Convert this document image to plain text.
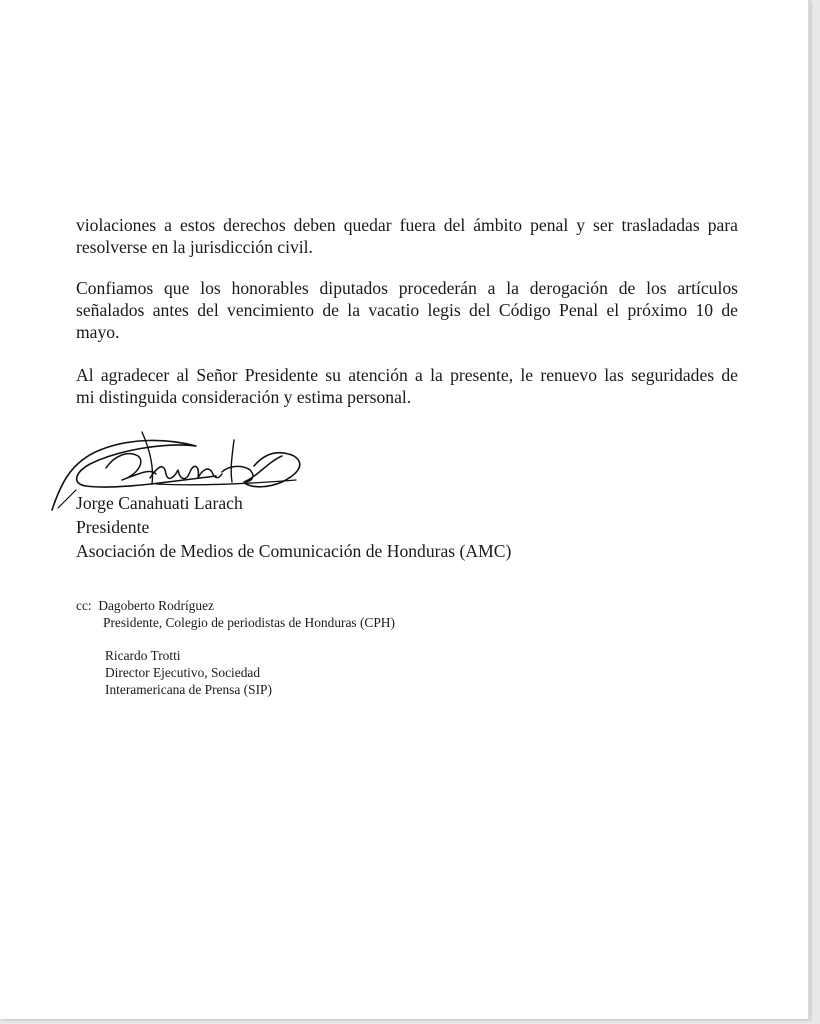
violaciones a estos derechos deben quedar fuera del ámbito penal y ser trasladadas para
resolverse en la jurisdicción civil.
Confiamos que los honorables diputados procederán a la derogación de los artículos
señalados antes del vencimiento de la vacatio legis del Código Penal el próximo 10 de
mayo.
Al agradecer al Señor Presidente su atención a la presente, le renuevo las seguridades de
mi distinguida consideración y estima personal.
Jorge Canahuati Larach
Presidente
Asociación de Medios de Comunicación de Honduras (AMC)
cc: Dagoberto Rodríguez
Presidente, Colegio de periodistas de Honduras (CPH)
Ricardo Trotti
Director Ejecutivo, Sociedad
Interamericana de Prensa (SIP)
